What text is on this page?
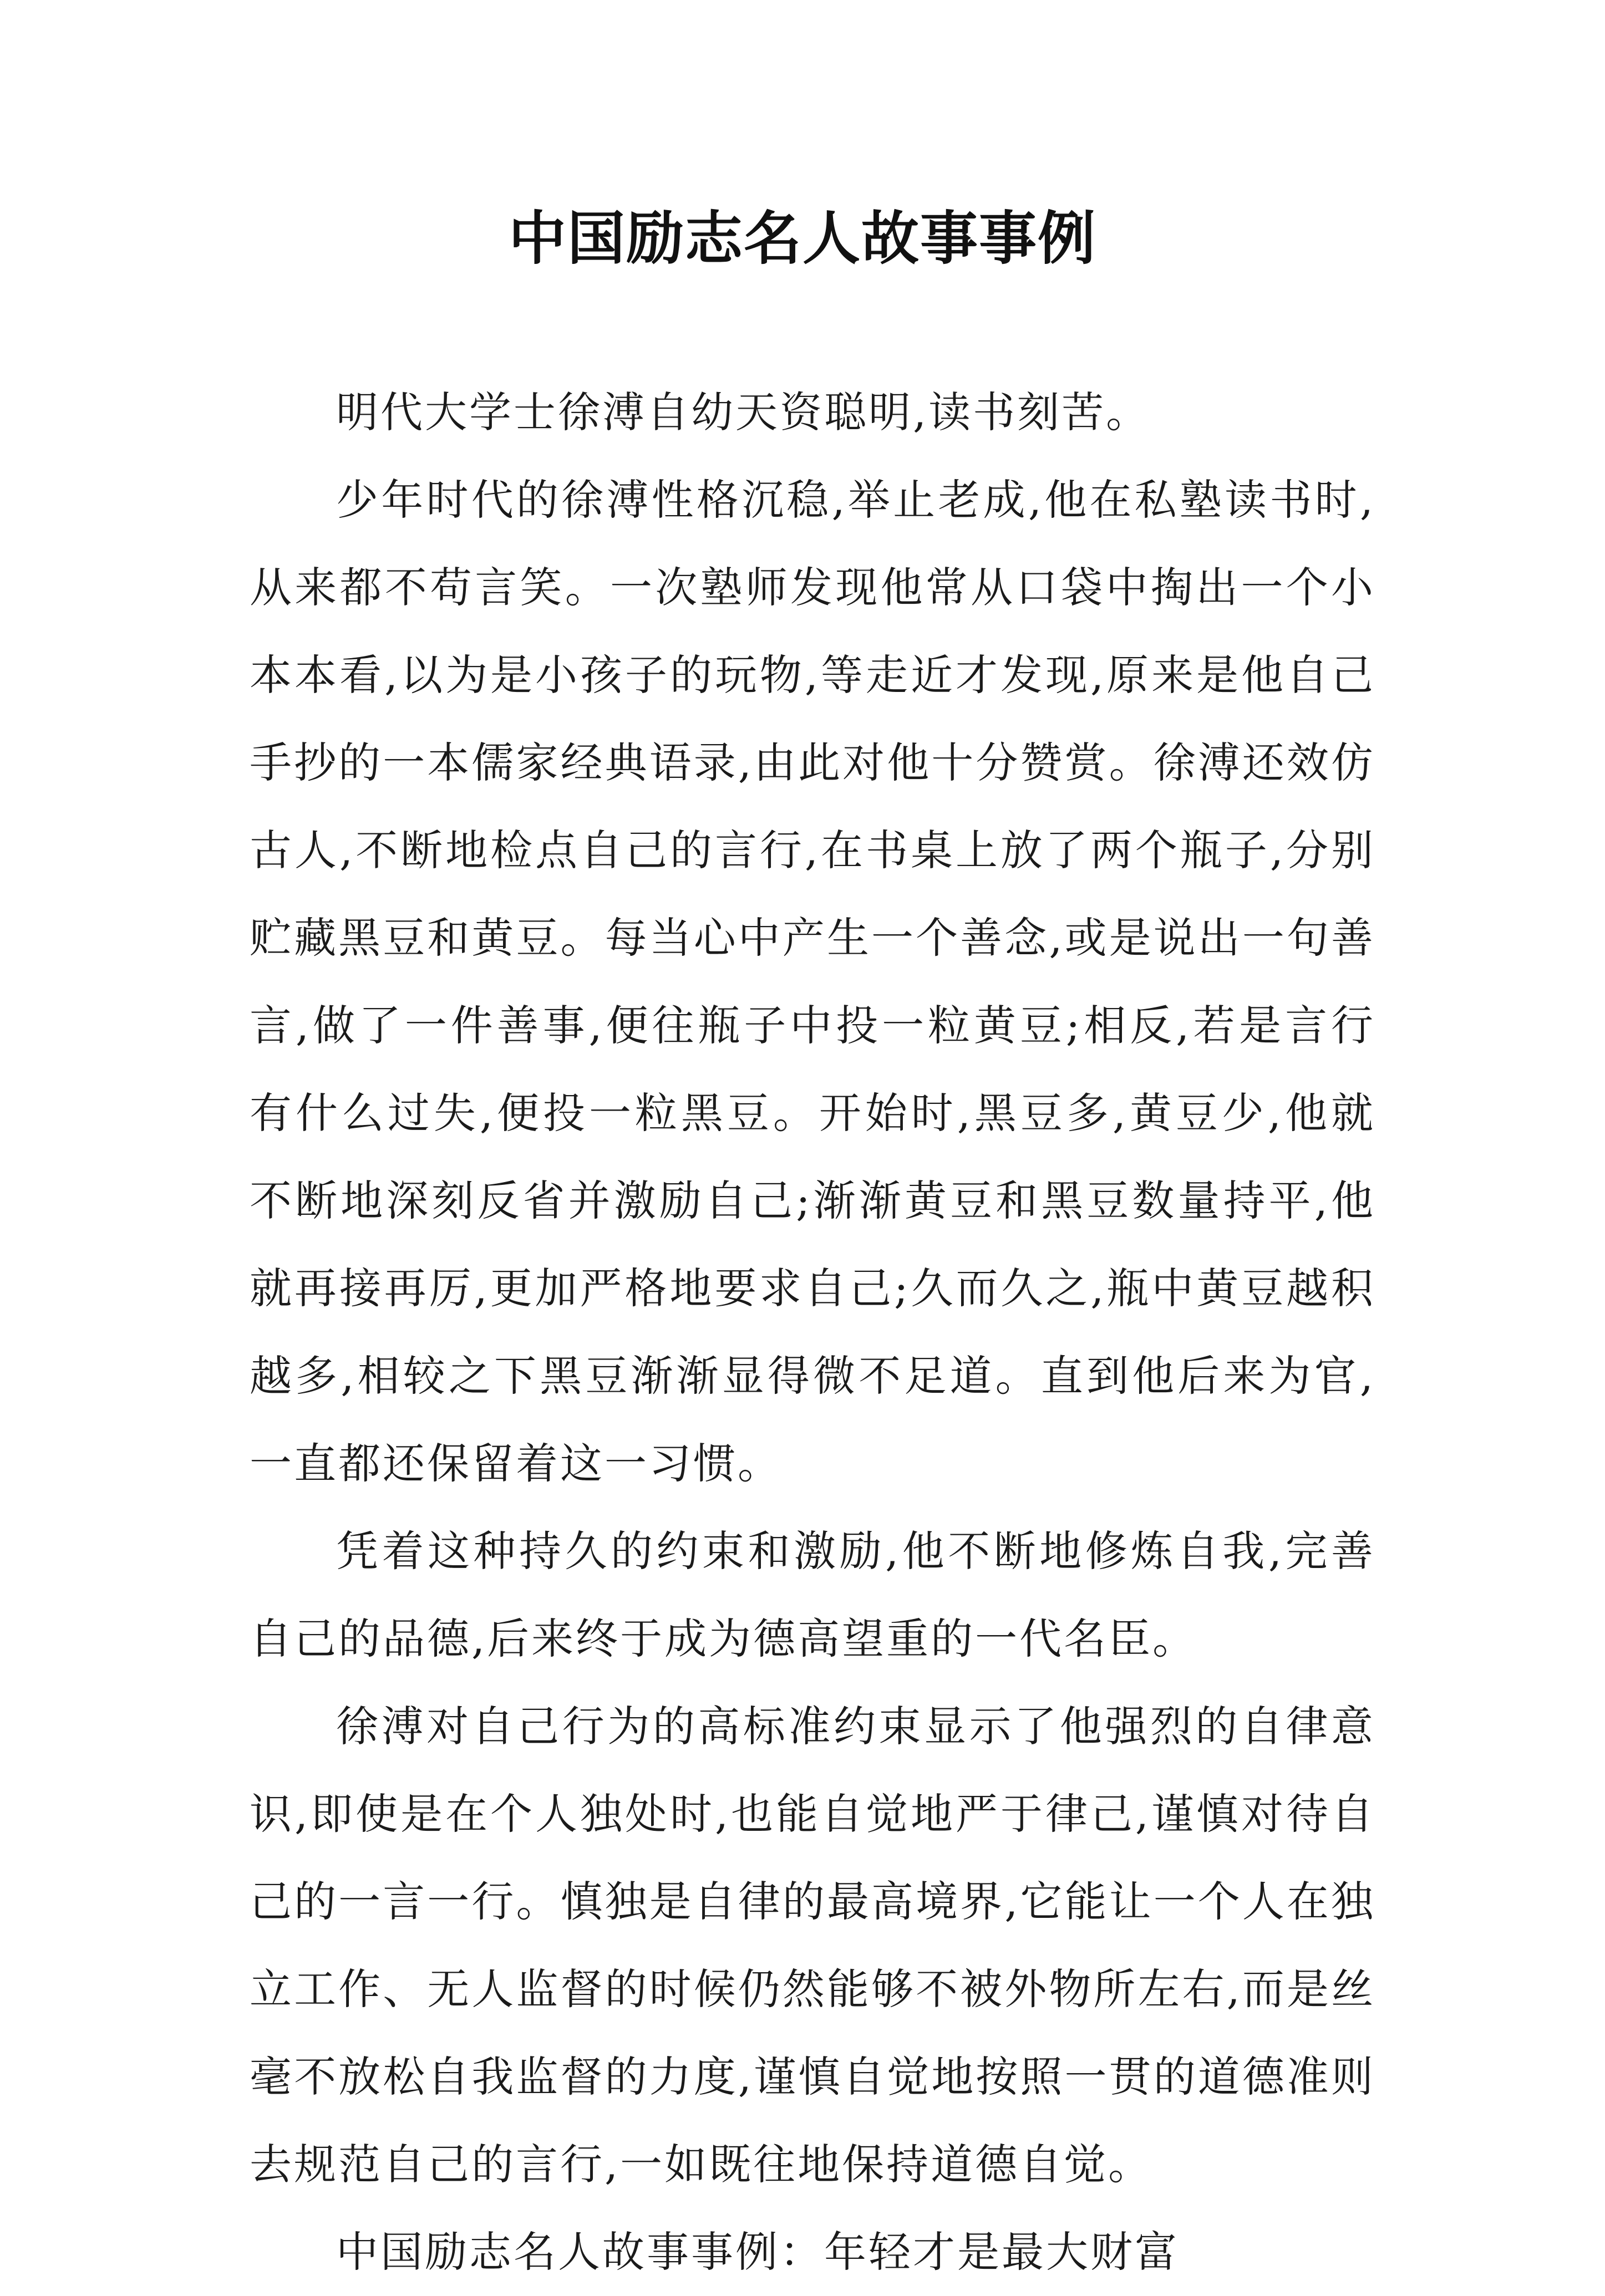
中国励志名人故事事例

明代大学士徐溥自幼天资聪明,读书刻苦。

少年时代的徐溥性格沉稳,举止老成,他在私塾读书时,从来都不苟言笑。一次塾师发现他常从口袋中掏出一个小本本看,以为是小孩子的玩物,等走近才发现,原来是他自己手抄的一本儒家经典语录,由此对他十分赞赏。徐溥还效仿古人,不断地检点自己的言行,在书桌上放了两个瓶子,分别贮藏黑豆和黄豆。每当心中产生一个善念,或是说出一句善言,做了一件善事,便往瓶子中投一粒黄豆;相反,若是言行有什么过失,便投一粒黑豆。开始时,黑豆多,黄豆少,他就不断地深刻反省并激励自己;渐渐黄豆和黑豆数量持平,他就再接再厉,更加严格地要求自己;久而久之,瓶中黄豆越积越多,相较之下黑豆渐渐显得微不足道。直到他后来为官,一直都还保留着这一习惯。

凭着这种持久的约束和激励,他不断地修炼自我,完善自己的品德,后来终于成为德高望重的一代名臣。

徐溥对自己行为的高标准约束显示了他强烈的自律意识,即使是在个人独处时,也能自觉地严于律己,谨慎对待自己的一言一行。慎独是自律的最高境界,它能让一个人在独立工作、无人监督的时候仍然能够不被外物所左右,而是丝毫不放松自我监督的力度,谨慎自觉地按照一贯的道德准则去规范自己的言行,一如既往地保持道德自觉。

中国励志名人故事事例：年轻才是最大财富
